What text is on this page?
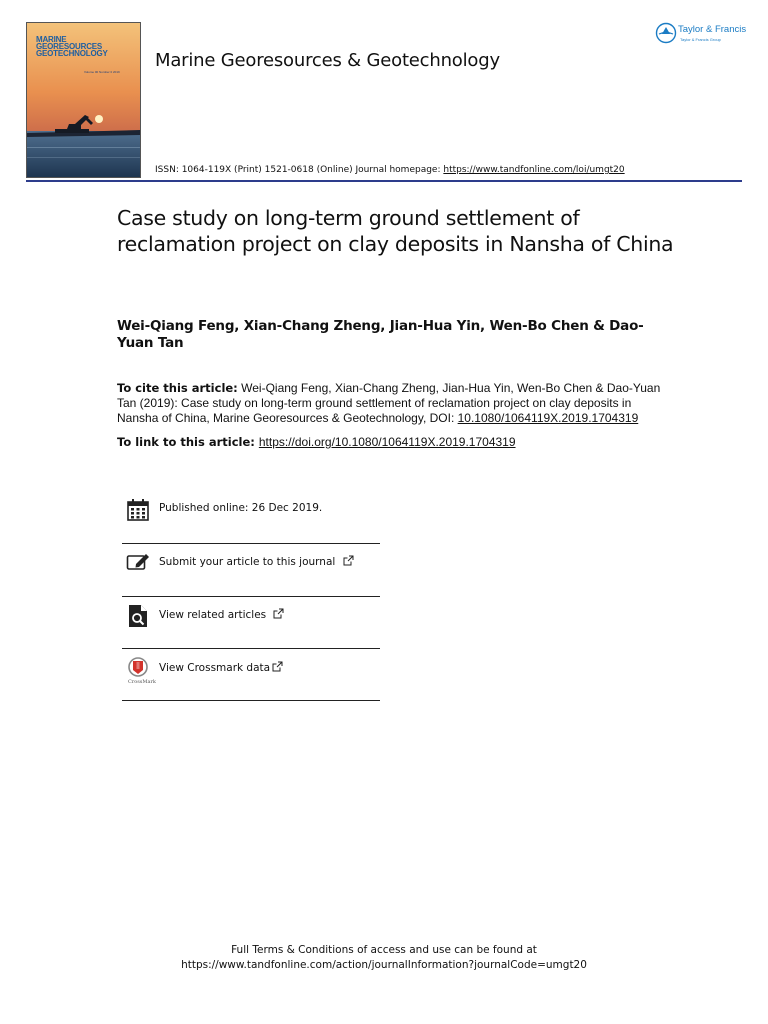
MARINE
GEORESOURCES
GEOTECHNOLOGY
Volume 00 Number 0 2019
Marine Georesources & Geotechnology
Taylor & Francis
Taylor & Francis Group
ISSN: 1064-119X (Print) 1521-0618 (Online) Journal homepage: https://www.tandfonline.com/loi/umgt20
Case study on long-term ground settlement of reclamation project on clay deposits in Nansha of China
Wei-Qiang Feng, Xian-Chang Zheng, Jian-Hua Yin, Wen-Bo Chen & Dao-Yuan Tan
To cite this article: Wei-Qiang Feng, Xian-Chang Zheng, Jian-Hua Yin, Wen-Bo Chen & Dao-Yuan Tan (2019): Case study on long-term ground settlement of reclamation project on clay deposits in Nansha of China, Marine Georesources & Geotechnology, DOI: 10.1080/1064119X.2019.1704319
To link to this article: https://doi.org/10.1080/1064119X.2019.1704319
Published online: 26 Dec 2019.
Submit your article to this journal
View related articles
CrossMark
View Crossmark data
Full Terms & Conditions of access and use can be found at
https://www.tandfonline.com/action/journalInformation?journalCode=umgt20
